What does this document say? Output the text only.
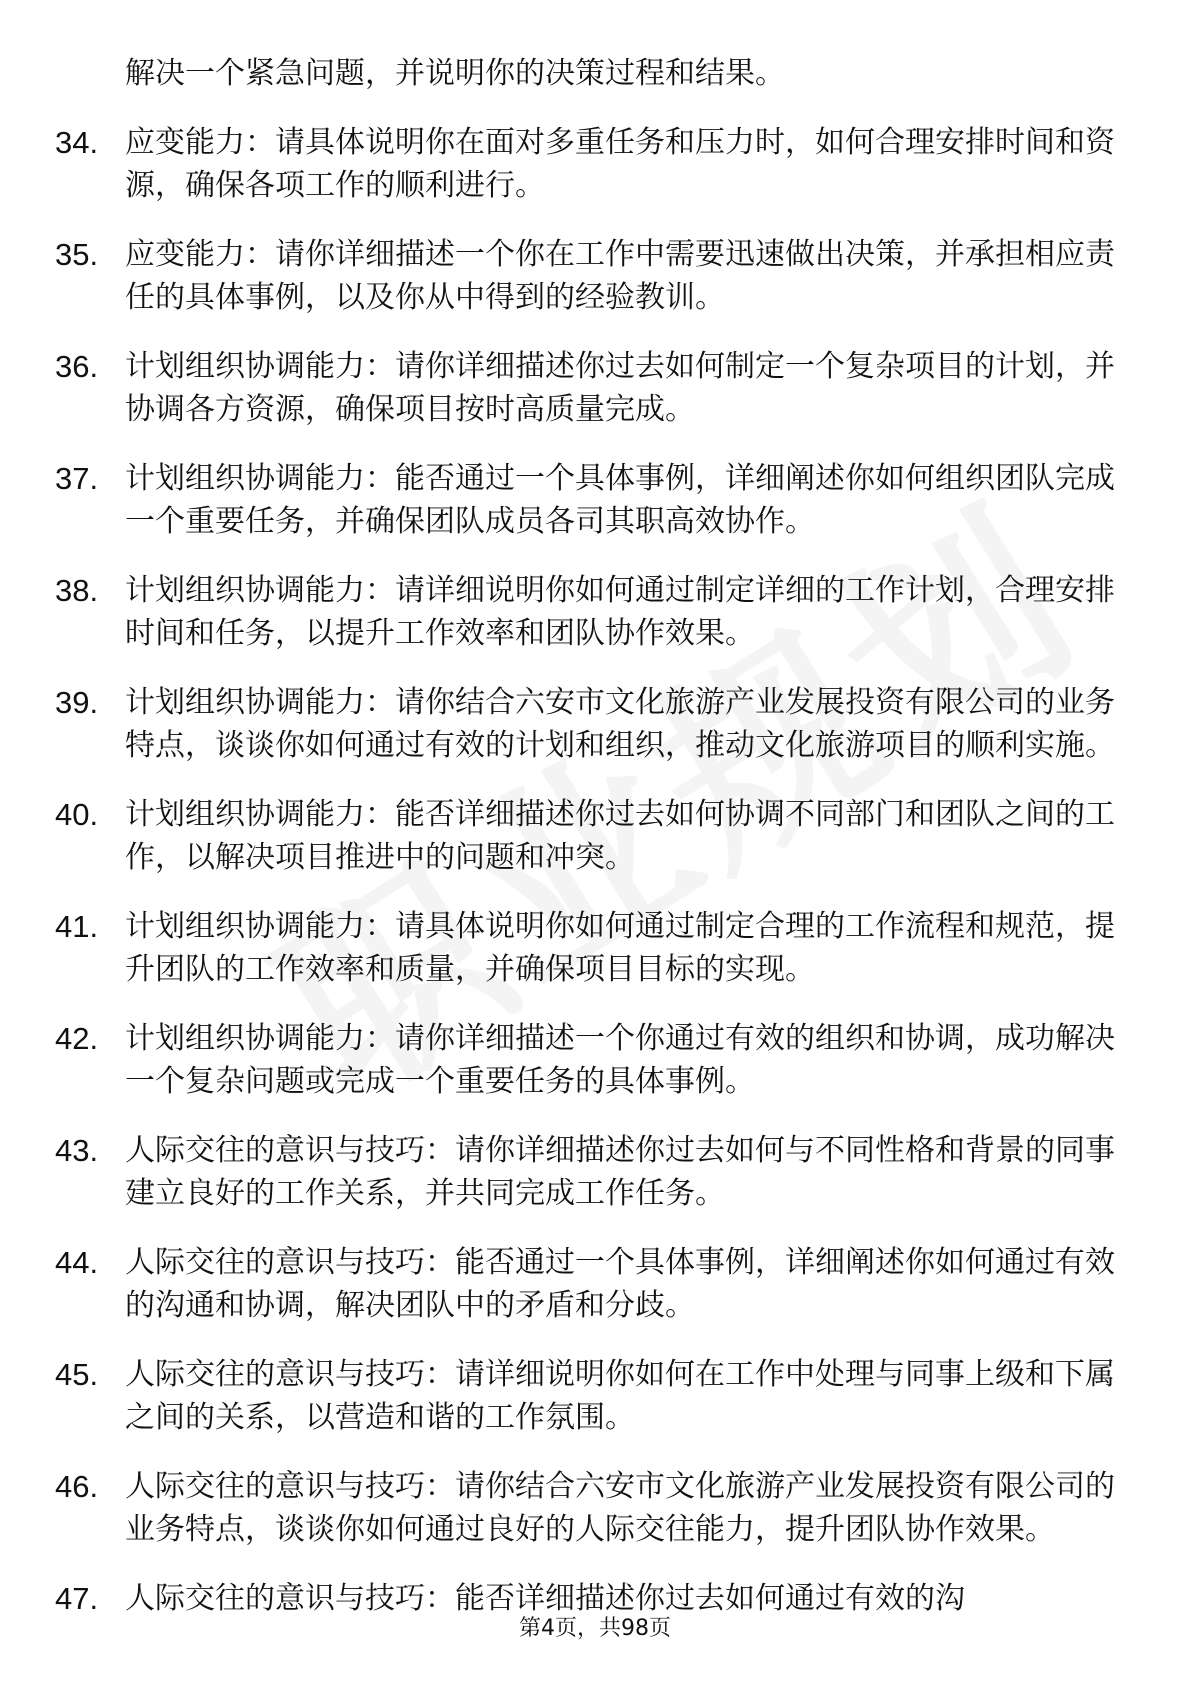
解决一个紧急问题，并说明你的决策过程和结果。
34. 应变能力：请具体说明你在面对多重任务和压力时，如何合理安排时间和资源，确保各项工作的顺利进行。
35. 应变能力：请你详细描述一个你在工作中需要迅速做出决策，并承担相应责任的具体事例，以及你从中得到的经验教训。
36. 计划组织协调能力：请你详细描述你过去如何制定一个复杂项目的计划，并协调各方资源，确保项目按时高质量完成。
37. 计划组织协调能力：能否通过一个具体事例，详细阐述你如何组织团队完成一个重要任务，并确保团队成员各司其职高效协作。
38. 计划组织协调能力：请详细说明你如何通过制定详细的工作计划，合理安排时间和任务，以提升工作效率和团队协作效果。
39. 计划组织协调能力：请你结合六安市文化旅游产业发展投资有限公司的业务特点，谈谈你如何通过有效的计划和组织，推动文化旅游项目的顺利实施。
40. 计划组织协调能力：能否详细描述你过去如何协调不同部门和团队之间的工作，以解决项目推进中的问题和冲突。
41. 计划组织协调能力：请具体说明你如何通过制定合理的工作流程和规范，提升团队的工作效率和质量，并确保项目目标的实现。
42. 计划组织协调能力：请你详细描述一个你通过有效的组织和协调，成功解决一个复杂问题或完成一个重要任务的具体事例。
43. 人际交往的意识与技巧：请你详细描述你过去如何与不同性格和背景的同事建立良好的工作关系，并共同完成工作任务。
44. 人际交往的意识与技巧：能否通过一个具体事例，详细阐述你如何通过有效的沟通和协调，解决团队中的矛盾和分歧。
45. 人际交往的意识与技巧：请详细说明你如何在工作中处理与同事上级和下属之间的关系，以营造和谐的工作氛围。
46. 人际交往的意识与技巧：请你结合六安市文化旅游产业发展投资有限公司的业务特点，谈谈你如何通过良好的人际交往能力，提升团队协作效果。
47. 人际交往的意识与技巧：能否详细描述你过去如何通过有效的沟
第4页，共98页
